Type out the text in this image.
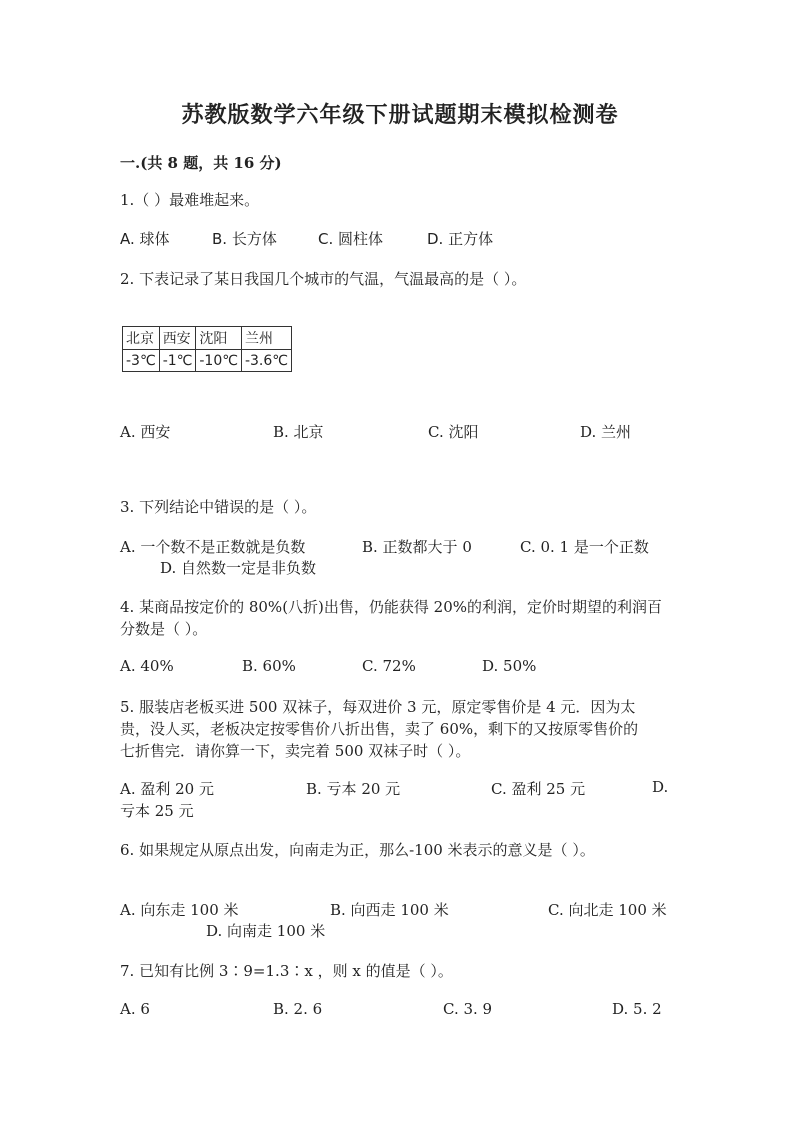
苏教版数学六年级下册试题期末模拟检测卷
一.(共 8 题，共 16 分)
1.（ ）最难堆起来。
A. 球体	B. 长方体	C. 圆柱体	D. 正方体
2. 下表记录了某日我国几个城市的气温，气温最高的是（ ）。
北京	西安	沈阳	兰州
-3℃	-1℃	-10℃	-3.6℃
A. 西安	B. 北京	C. 沈阳	D. 兰州
3. 下列结论中错误的是（ ）。
A. 一个数不是正数就是负数	B. 正数都大于 0	C. 0. 1 是一个正数
D. 自然数一定是非负数
4. 某商品按定价的 80%(八折)出售，仍能获得 20%的利润，定价时期望的利润百
分数是（ ）。
A. 40%	B. 60%	C. 72%	D. 50%
5. 服装店老板买进 500 双袜子，每双进价 3 元，原定零售价是 4 元．因为太
贵，没人买，老板决定按零售价八折出售，卖了 60%，剩下的又按原零售价的
七折售完．请你算一下，卖完着 500 双袜子时（ ）。
A. 盈利 20 元	B. 亏本 20 元	C. 盈利 25 元	D.
亏本 25 元
6. 如果规定从原点出发，向南走为正，那么-100 米表示的意义是（ ）。
A. 向东走 100 米	B. 向西走 100 米	C. 向北走 100 米
D. 向南走 100 米
7. 已知有比例 3∶9=1.3∶x ，则 x 的值是（ ）。
A. 6	B. 2. 6	C. 3. 9	D. 5. 2
